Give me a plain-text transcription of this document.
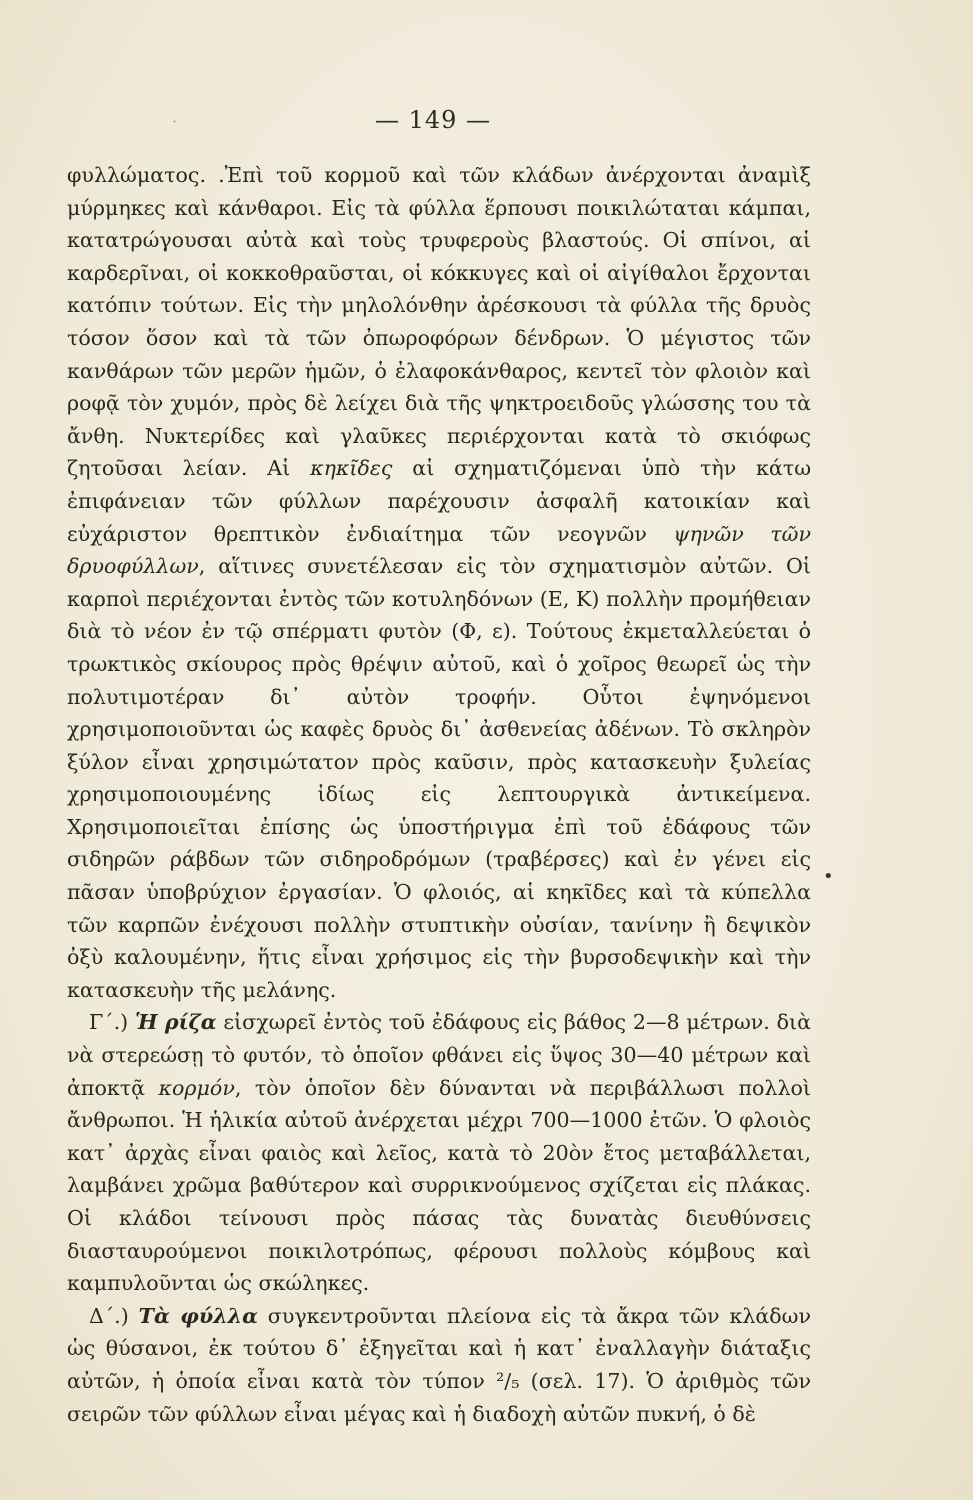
·	— 149 —

φυλλώματος. .Ἐπὶ τοῦ κορμοῦ καὶ τῶν κλάδων ἀνέρχονται ἀναμὶξ μύρμηκες καὶ κάνθαροι. Εἰς τὰ φύλλα ἕρπουσι ποικιλώταται κάμπαι, κατατρώγουσαι αὐτὰ καὶ τοὺς τρυφεροὺς βλαστούς. Οἱ σπίνοι, αἱ καρδερῖναι, οἱ κοκκοθραῦσται, οἱ κόκκυγες καὶ οἱ αἰγίθαλοι ἔρχονται κατόπιν τούτων. Εἰς τὴν μηλολόνθην ἀρέσκουσι τὰ φύλλα τῆς δρυὸς τόσον ὅσον καὶ τὰ τῶν ὀπωροφόρων δένδρων. Ὁ μέγιστος τῶν κανθάρων τῶν μερῶν ἡμῶν, ὁ ἐλαφοκάνθαρος, κεντεῖ τὸν φλοιὸν καὶ ροφᾷ τὸν χυμόν, πρὸς δὲ λείχει διὰ τῆς ψηκτροειδοῦς γλώσσης του τὰ ἄνθη. Νυκτερίδες καὶ γλαῦκες περιέρχονται κατὰ τὸ σκιόφως ζητοῦσαι λείαν. Αἱ κηκῖδες αἱ σχηματιζόμεναι ὑπὸ τὴν κάτω ἐπιφάνειαν τῶν φύλλων παρέχουσιν ἀσφαλῆ κατοικίαν καὶ εὐχάριστον θρεπτικὸν ἐνδιαίτημα τῶν νεογνῶν ψηνῶν τῶν δρυοφύλλων, αἵτινες συνετέλεσαν εἰς τὸν σχηματισμὸν αὐτῶν. Οἱ καρποὶ περιέχονται ἐντὸς τῶν κοτυληδόνων (Ε, Κ) πολλὴν προμήθειαν διὰ τὸ νέον ἐν τῷ σπέρματι φυτὸν (Φ, ε). Τούτους ἐκμεταλλεύεται ὁ τρωκτικὸς σκίουρος πρὸς θρέψιν αὐτοῦ, καὶ ὁ χοῖρος θεωρεῖ ὡς τὴν πολυτιμοτέραν δι᾽ αὐτὸν τροφήν. Οὗτοι ἐψηνόμενοι χρησιμοποιοῦνται ὡς καφὲς δρυὸς δι᾽ ἀσθενείας ἀδένων. Τὸ σκληρὸν ξύλον εἶναι χρησιμώτατον πρὸς καῦσιν, πρὸς κατασκευὴν ξυλείας χρησιμοποιουμένης ἰδίως εἰς λεπτουργικὰ ἀντικείμενα. Χρησιμοποιεῖται ἐπίσης ὡς ὑποστήριγμα ἐπὶ τοῦ ἐδάφους τῶν σιδηρῶν ράβδων τῶν σιδηροδρόμων (τραβέρσες) καὶ ἐν γένει εἰς πᾶσαν ὑποβρύχιον ἐργασίαν. Ὁ φλοιός, αἱ κηκῖδες καὶ τὰ κύπελλα τῶν καρπῶν ἐνέχουσι πολλὴν στυπτικὴν οὐσίαν, τανίνην ἢ δεψικὸν ὀξὺ καλουμένην, ἥτις εἶναι χρήσιμος εἰς τὴν βυρσοδεψικὴν καὶ τὴν κατασκευὴν τῆς μελάνης.

Γ΄.) Ἡ ρίζα εἰσχωρεῖ ἐντὸς τοῦ ἐδάφους εἰς βάθος 2—8 μέτρων. διὰ νὰ στερεώσῃ τὸ φυτόν, τὸ ὁποῖον φθάνει εἰς ὕψος 30—40 μέτρων καὶ ἀποκτᾷ κορμόν, τὸν ὁποῖον δὲν δύνανται νὰ περιβάλλωσι πολλοὶ ἄνθρωποι. Ἡ ἡλικία αὐτοῦ ἀνέρχεται μέχρι 700—1000 ἐτῶν. Ὁ φλοιὸς κατ᾽ ἀρχὰς εἶναι φαιὸς καὶ λεῖος, κατὰ τὸ 20ὸν ἔτος μεταβάλλεται, λαμβάνει χρῶμα βαθύτερον καὶ συρρικνούμενος σχίζεται εἰς πλάκας. Οἱ κλάδοι τείνουσι πρὸς πάσας τὰς δυνατὰς διευθύνσεις διασταυρούμενοι ποικιλοτρόπως, φέρουσι πολλοὺς κόμβους καὶ καμπυλοῦνται ὡς σκώληκες.

Δ΄.) Τὰ φύλλα συγκεντροῦνται πλείονα εἰς τὰ ἄκρα τῶν κλάδων ὡς θύσανοι, ἐκ τούτου δ᾽ ἐξηγεῖται καὶ ἡ κατ᾽ ἐναλλαγὴν διάταξις αὐτῶν, ἡ ὁποία εἶναι κατὰ τὸν τύπον ²/₅ (σελ. 17). Ὁ ἀριθμὸς τῶν σειρῶν τῶν φύλλων εἶναι μέγας καὶ ἡ διαδοχὴ αὐτῶν πυκνή, ὁ δὲ

•
